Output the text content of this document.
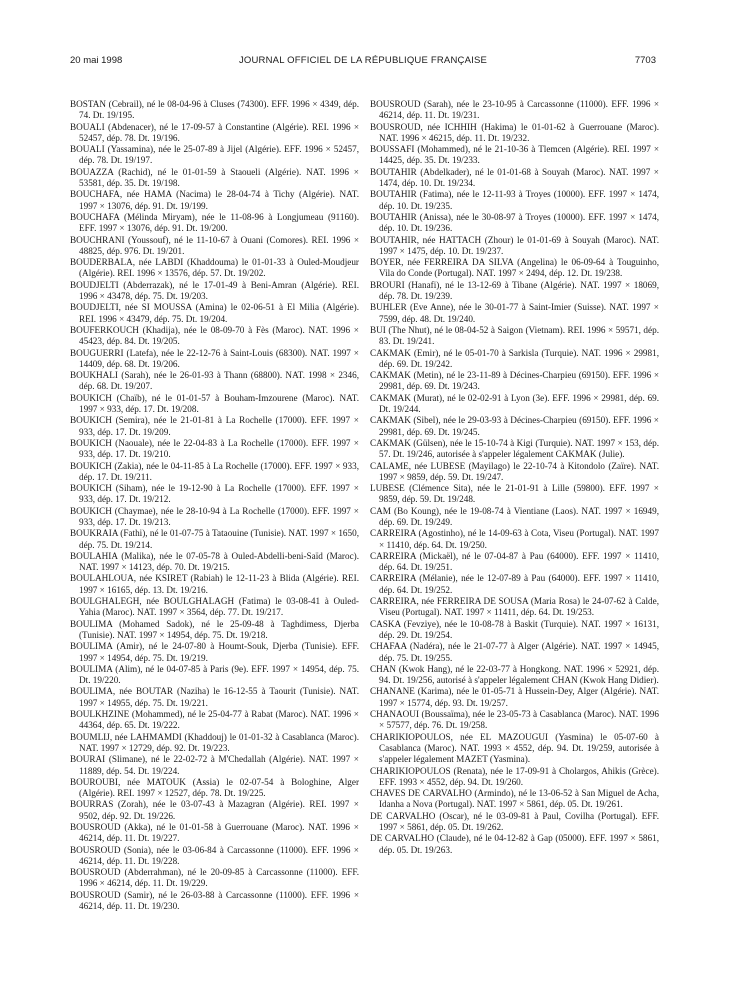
20 mai 1998	JOURNAL OFFICIEL DE LA RÉPUBLIQUE FRANÇAISE	7703

BOSTAN (Cebrail), né le 08-04-96 à Cluses (74300). EFF. 1996 × 4349, dép. 74. Dt. 19/195.

BOUALI (Abdenacer), né le 17-09-57 à Constantine (Algérie). REI. 1996 × 52457, dép. 78. Dt. 19/196.

BOUALI (Yassamina), née le 25-07-89 à Jijel (Algérie). EFF. 1996 × 52457, dép. 78. Dt. 19/197.

BOUAZZA (Rachid), né le 01-01-59 à Staoueli (Algérie). NAT. 1996 × 53581, dép. 35. Dt. 19/198.

BOUCHAFA, née HAMA (Nacima) le 28-04-74 à Tichy (Algérie). NAT. 1997 × 13076, dép. 91. Dt. 19/199.

BOUCHAFA (Mélinda Miryam), née le 11-08-96 à Longjumeau (91160). EFF. 1997 × 13076, dép. 91. Dt. 19/200.

BOUCHRANI (Youssouf), né le 11-10-67 à Ouani (Comores). REI. 1996 × 48825, dép. 976. Dt. 19/201.

BOUDERBALA, née LABDI (Khaddouma) le 01-01-33 à Ouled-Moudjeur (Algérie). REI. 1996 × 13576, dép. 57. Dt. 19/202.

BOUDJELTI (Abderrazak), né le 17-01-49 à Beni-Amran (Algérie). REI. 1996 × 43478, dép. 75. Dt. 19/203.

BOUDJELTI, née SI MOUSSA (Amina) le 02-06-51 à El Milia (Algérie). REI. 1996 × 43479, dép. 75. Dt. 19/204.

BOUFERKOUCH (Khadija), née le 08-09-70 à Fès (Maroc). NAT. 1996 × 45423, dép. 84. Dt. 19/205.

BOUGUERRI (Latefa), née le 22-12-76 à Saint-Louis (68300). NAT. 1997 × 14409, dép. 68. Dt. 19/206.

BOUKHALI (Sarah), née le 26-01-93 à Thann (68800). NAT. 1998 × 2346, dép. 68. Dt. 19/207.

BOUKICH (Chaïb), né le 01-01-57 à Bouham-Imzourene (Maroc). NAT. 1997 × 933, dép. 17. Dt. 19/208.

BOUKICH (Semira), née le 21-01-81 à La Rochelle (17000). EFF. 1997 × 933, dép. 17. Dt. 19/209.

BOUKICH (Naouale), née le 22-04-83 à La Rochelle (17000). EFF. 1997 × 933, dép. 17. Dt. 19/210.

BOUKICH (Zakia), née le 04-11-85 à La Rochelle (17000). EFF. 1997 × 933, dép. 17. Dt. 19/211.

BOUKICH (Siham), née le 19-12-90 à La Rochelle (17000). EFF. 1997 × 933, dép. 17. Dt. 19/212.

BOUKICH (Chaymae), née le 28-10-94 à La Rochelle (17000). EFF. 1997 × 933, dép. 17. Dt. 19/213.

BOUKRAIA (Fathi), né le 01-07-75 à Tataouine (Tunisie). NAT. 1997 × 1650, dép. 75. Dt. 19/214.

BOULAHIA (Malika), née le 07-05-78 à Ouled-Abdelli-beni-Saïd (Maroc). NAT. 1997 × 14123, dép. 70. Dt. 19/215.

BOULAHLOUA, née KSIRET (Rabiah) le 12-11-23 à Blida (Algérie). REI. 1997 × 16165, dép. 13. Dt. 19/216.

BOULGHALEGH, née BOULGHALAGH (Fatima) le 03-08-41 à Ouled-Yahia (Maroc). NAT. 1997 × 3564, dép. 77. Dt. 19/217.

BOULIMA (Mohamed Sadok), né le 25-09-48 à Taghdimess, Djerba (Tunisie). NAT. 1997 × 14954, dép. 75. Dt. 19/218.

BOULIMA (Amir), né le 24-07-80 à Houmt-Souk, Djerba (Tunisie). EFF. 1997 × 14954, dép. 75. Dt. 19/219.

BOULIMA (Alim), né le 04-07-85 à Paris (9e). EFF. 1997 × 14954, dép. 75. Dt. 19/220.

BOULIMA, née BOUTAR (Naziha) le 16-12-55 à Taourit (Tunisie). NAT. 1997 × 14955, dép. 75. Dt. 19/221.

BOULKHZINE (Mohammed), né le 25-04-77 à Rabat (Maroc). NAT. 1996 × 44364, dép. 65. Dt. 19/222.

BOUMLIJ, née LAHMAMDI (Khaddouj) le 01-01-32 à Casablanca (Maroc). NAT. 1997 × 12729, dép. 92. Dt. 19/223.

BOURAI (Slimane), né le 22-02-72 à M'Chedallah (Algérie). NAT. 1997 × 11889, dép. 54. Dt. 19/224.

BOUROUBI, née MATOUK (Assia) le 02-07-54 à Bologhine, Alger (Algérie). REI. 1997 × 12527, dép. 78. Dt. 19/225.

BOURRAS (Zorah), née le 03-07-43 à Mazagran (Algérie). REI. 1997 × 9502, dép. 92. Dt. 19/226.

BOUSROUD (Akka), né le 01-01-58 à Guerrouane (Maroc). NAT. 1996 × 46214, dép. 11. Dt. 19/227.

BOUSROUD (Sonia), née le 03-06-84 à Carcassonne (11000). EFF. 1996 × 46214, dép. 11. Dt. 19/228.

BOUSROUD (Abderrahman), né le 20-09-85 à Carcassonne (11000). EFF. 1996 × 46214, dép. 11. Dt. 19/229.

BOUSROUD (Samir), né le 26-03-88 à Carcassonne (11000). EFF. 1996 × 46214, dép. 11. Dt. 19/230.

BOUSROUD (Sarah), née le 23-10-95 à Carcassonne (11000). EFF. 1996 × 46214, dép. 11. Dt. 19/231.

BOUSROUD, née ICHHIH (Hakima) le 01-01-62 à Guerrouane (Maroc). NAT. 1996 × 46215, dép. 11. Dt. 19/232.

BOUSSAFI (Mohammed), né le 21-10-36 à Tlemcen (Algérie). REI. 1997 × 14425, dép. 35. Dt. 19/233.

BOUTAHIR (Abdelkader), né le 01-01-68 à Souyah (Maroc). NAT. 1997 × 1474, dép. 10. Dt. 19/234.

BOUTAHIR (Fatima), née le 12-11-93 à Troyes (10000). EFF. 1997 × 1474, dép. 10. Dt. 19/235.

BOUTAHIR (Anissa), née le 30-08-97 à Troyes (10000). EFF. 1997 × 1474, dép. 10. Dt. 19/236.

BOUTAHIR, née HATTACH (Zhour) le 01-01-69 à Souyah (Maroc). NAT. 1997 × 1475, dép. 10. Dt. 19/237.

BOYER, née FERREIRA DA SILVA (Angelina) le 06-09-64 à Touguinho, Vila do Conde (Portugal). NAT. 1997 × 2494, dép. 12. Dt. 19/238.

BROURI (Hanafi), né le 13-12-69 à Tibane (Algérie). NAT. 1997 × 18069, dép. 78. Dt. 19/239.

BUHLER (Eve Anne), née le 30-01-77 à Saint-Imier (Suisse). NAT. 1997 × 7599, dép. 48. Dt. 19/240.

BUI (The Nhut), né le 08-04-52 à Saigon (Vietnam). REI. 1996 × 59571, dép. 83. Dt. 19/241.

CAKMAK (Emir), né le 05-01-70 à Sarkisla (Turquie). NAT. 1996 × 29981, dép. 69. Dt. 19/242.

CAKMAK (Metin), né le 23-11-89 à Décines-Charpieu (69150). EFF. 1996 × 29981, dép. 69. Dt. 19/243.

CAKMAK (Murat), né le 02-02-91 à Lyon (3e). EFF. 1996 × 29981, dép. 69. Dt. 19/244.

CAKMAK (Sibel), née le 29-03-93 à Décines-Charpieu (69150). EFF. 1996 × 29981, dép. 69. Dt. 19/245.

CAKMAK (Gülsen), née le 15-10-74 à Kigi (Turquie). NAT. 1997 × 153, dép. 57. Dt. 19/246, autorisée à s'appeler légalement CAKMAK (Julie).

CALAME, née LUBESE (Mayilago) le 22-10-74 à Kitondolo (Zaïre). NAT. 1997 × 9859, dép. 59. Dt. 19/247.

LUBESE (Clémence Sita), née le 21-01-91 à Lille (59800). EFF. 1997 × 9859, dép. 59. Dt. 19/248.

CAM (Bo Koung), née le 19-08-74 à Vientiane (Laos). NAT. 1997 × 16949, dép. 69. Dt. 19/249.

CARREIRA (Agostinho), né le 14-09-63 à Cota, Viseu (Portugal). NAT. 1997 × 11410, dép. 64. Dt. 19/250.

CARREIRA (Mickaël), né le 07-04-87 à Pau (64000). EFF. 1997 × 11410, dép. 64. Dt. 19/251.

CARREIRA (Mélanie), née le 12-07-89 à Pau (64000). EFF. 1997 × 11410, dép. 64. Dt. 19/252.

CARREIRA, née FERREIRA DE SOUSA (Maria Rosa) le 24-07-62 à Calde, Viseu (Portugal). NAT. 1997 × 11411, dép. 64. Dt. 19/253.

CASKA (Fevziye), née le 10-08-78 à Baskit (Turquie). NAT. 1997 × 16131, dép. 29. Dt. 19/254.

CHAFAA (Nadéra), née le 21-07-77 à Alger (Algérie). NAT. 1997 × 14945, dép. 75. Dt. 19/255.

CHAN (Kwok Hang), né le 22-03-77 à Hongkong. NAT. 1996 × 52921, dép. 94. Dt. 19/256, autorisé à s'appeler légalement CHAN (Kwok Hang Didier).

CHANANE (Karima), née le 01-05-71 à Hussein-Dey, Alger (Algérie). NAT. 1997 × 15774, dép. 93. Dt. 19/257.

CHANAOUI (Boussaïma), née le 23-05-73 à Casablanca (Maroc). NAT. 1996 × 57577, dép. 76. Dt. 19/258.

CHARIKIOPOULOS, née EL MAZOUGUI (Yasmina) le 05-07-60 à Casablanca (Maroc). NAT. 1993 × 4552, dép. 94. Dt. 19/259, autorisée à s'appeler légalement MAZET (Yasmina).

CHARIKIOPOULOS (Renata), née le 17-09-91 à Cholargos, Ahikis (Grèce). EFF. 1993 × 4552, dép. 94. Dt. 19/260.

CHAVES DE CARVALHO (Armindo), né le 13-06-52 à San Miguel de Acha, Idanha a Nova (Portugal). NAT. 1997 × 5861, dép. 05. Dt. 19/261.

DE CARVALHO (Oscar), né le 03-09-81 à Paul, Covilha (Portugal). EFF. 1997 × 5861, dép. 05. Dt. 19/262.

DE CARVALHO (Claude), né le 04-12-82 à Gap (05000). EFF. 1997 × 5861, dép. 05. Dt. 19/263.
